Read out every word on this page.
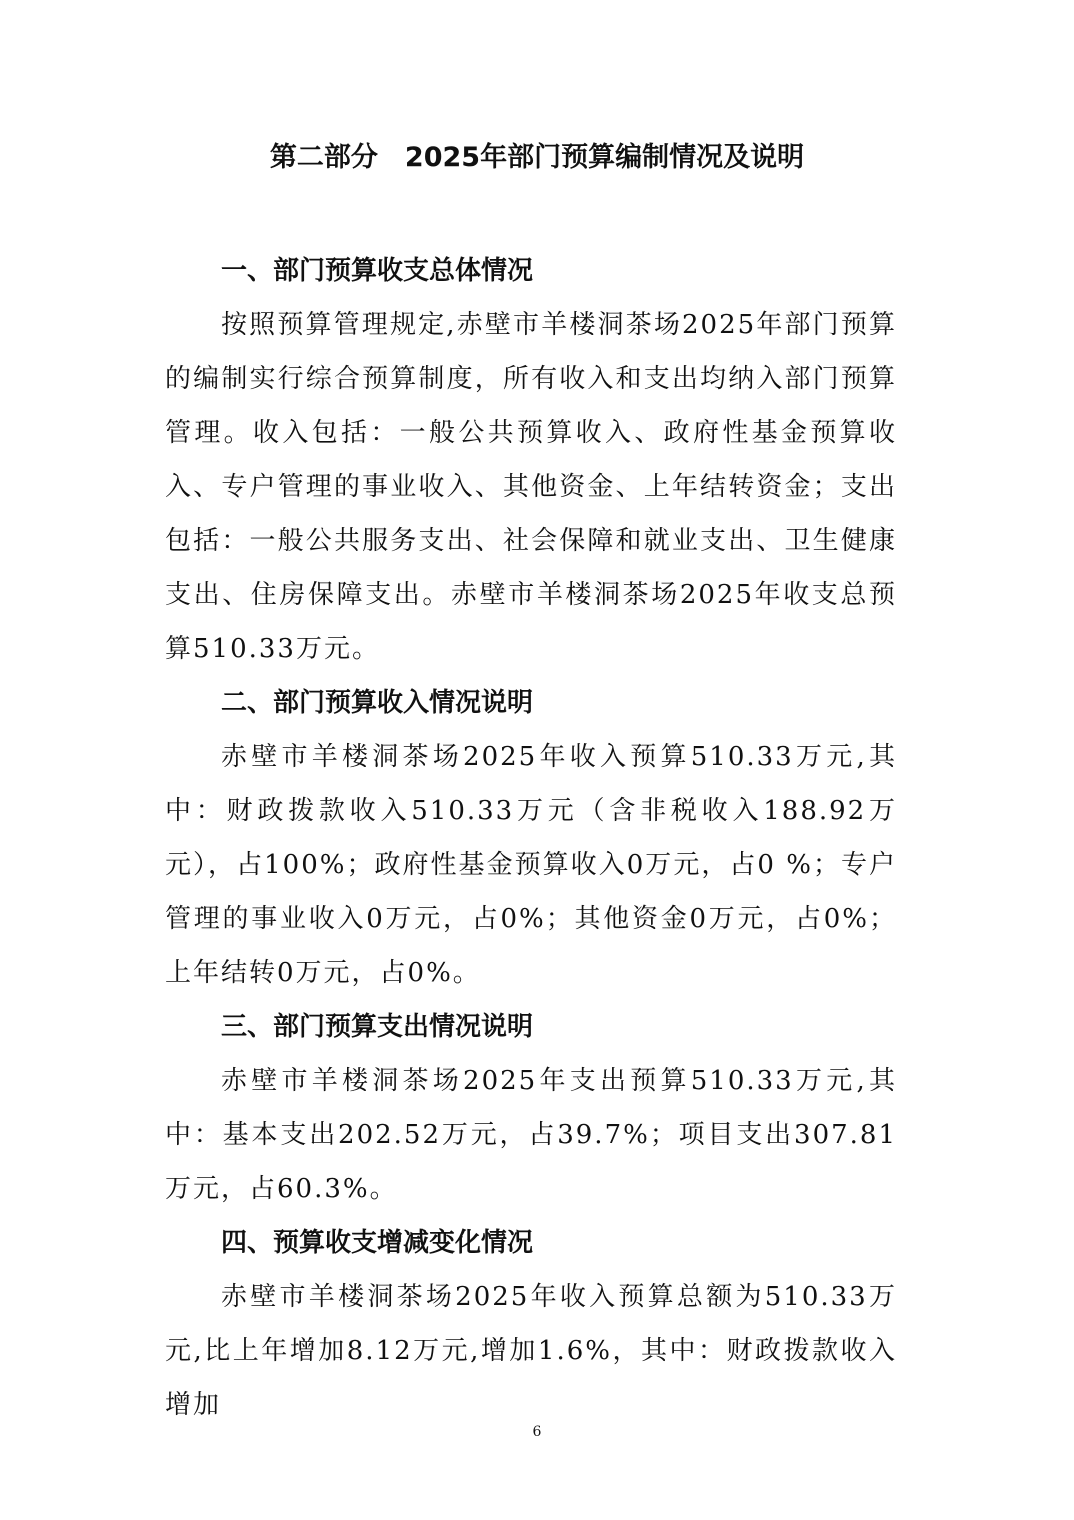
第二部分　2025年部门预算编制情况及说明
一、部门预算收支总体情况

按照预算管理规定,赤壁市羊楼洞茶场2025年部门预算的编制实行综合预算制度，所有收入和支出均纳入部门预算管理。收入包括：一般公共预算收入、政府性基金预算收入、专户管理的事业收入、其他资金、上年结转资金；支出包括：一般公共服务支出、社会保障和就业支出、卫生健康支出、住房保障支出。赤壁市羊楼洞茶场2025年收支总预算510.33万元。

二、部门预算收入情况说明

赤壁市羊楼洞茶场2025年收入预算510.33万元,其中：财政拨款收入510.33万元（含非税收入188.92万元），占100%；政府性基金预算收入0万元，占0 %；专户管理的事业收入0万元，占0%；其他资金0万元，占0%；上年结转0万元，占0%。

三、部门预算支出情况说明

赤壁市羊楼洞茶场2025年支出预算510.33万元,其中：基本支出202.52万元，占39.7%；项目支出307.81万元，占60.3%。

四、预算收支增减变化情况

赤壁市羊楼洞茶场2025年收入预算总额为510.33万元,比上年增加8.12万元,增加1.6%，其中：财政拨款收入增加

6
